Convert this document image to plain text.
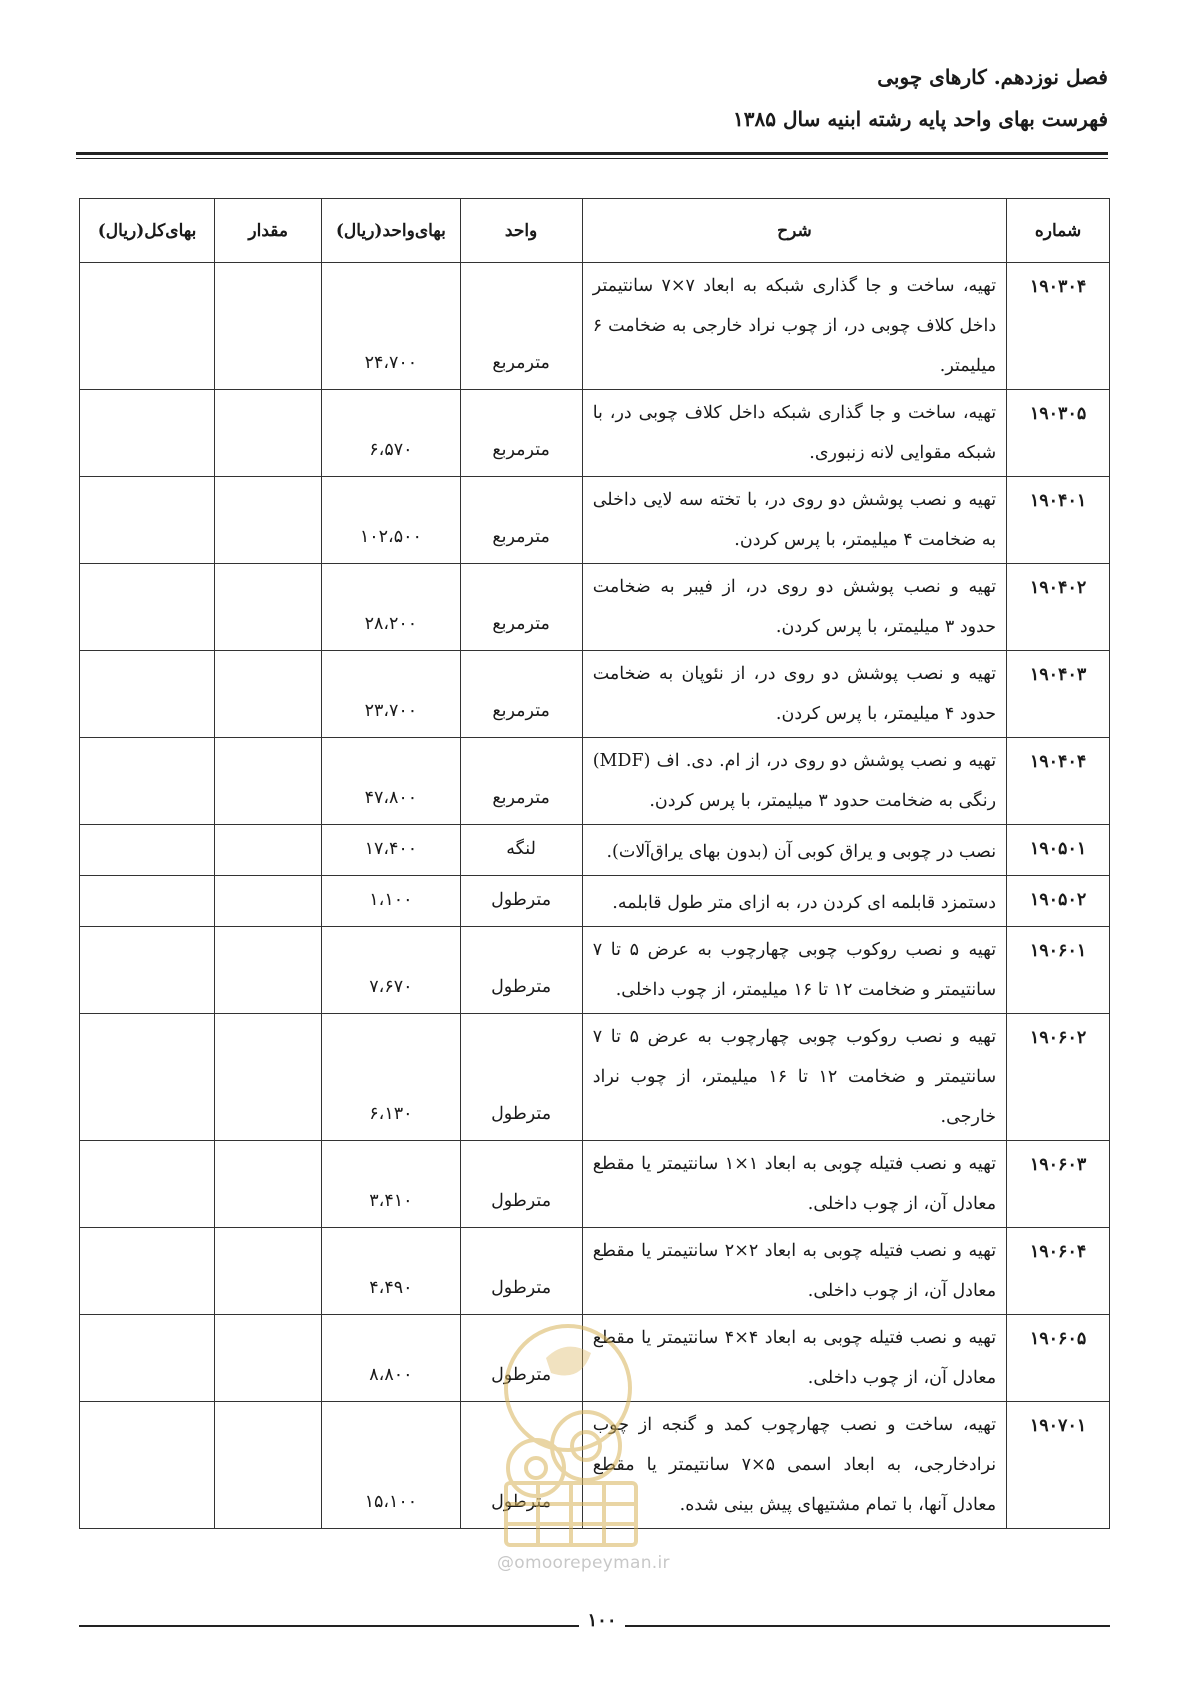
فصل نوزدهم. کارهای چوبی

فهرست بهای واحد پایه رشته ابنیه سال ۱۳۸۵

شماره	شرح	واحد	بهای‌واحد(ریال)	مقدار	بهای‌کل(ریال)
۱۹۰۳۰۴	تهیه، ساخت و جا گذاری شبکه به ابعاد ۷×۷ سانتیمتر داخل کلاف چوبی در، از چوب نراد خارجی به ضخامت ۶ میلیمتر.	مترمربع	۲۴،۷۰۰		
۱۹۰۳۰۵	تهیه، ساخت و جا گذاری شبکه داخل کلاف چوبی در، با شبکه مقوایی لانه زنبوری.	مترمربع	۶،۵۷۰		
۱۹۰۴۰۱	تهیه و نصب پوشش دو روی در، با تخته سه لایی داخلی به ضخامت ۴ میلیمتر، با پرس کردن.	مترمربع	۱۰۲،۵۰۰		
۱۹۰۴۰۲	تهیه و نصب پوشش دو روی در، از فیبر به ضخامت حدود ۳ میلیمتر، با پرس کردن.	مترمربع	۲۸،۲۰۰		
۱۹۰۴۰۳	تهیه و نصب پوشش دو روی در، از نئوپان به ضخامت حدود ۴ میلیمتر، با پرس کردن.	مترمربع	۲۳،۷۰۰		
۱۹۰۴۰۴	تهیه و نصب پوشش دو روی در، از ام. دی. اف (MDF) رنگی به ضخامت حدود ۳ میلیمتر، با پرس کردن.	مترمربع	۴۷،۸۰۰		
۱۹۰۵۰۱	نصب در چوبی و یراق کوبی آن (بدون بهای یراق‌آلات).	لنگه	۱۷،۴۰۰		
۱۹۰۵۰۲	دستمزد قابلمه ای کردن در، به ازای متر طول قابلمه.	مترطول	۱،۱۰۰		
۱۹۰۶۰۱	تهیه و نصب روکوب چوبی چهارچوب به عرض ۵ تا ۷ سانتیمتر و ضخامت ۱۲ تا ۱۶ میلیمتر، از چوب داخلی.	مترطول	۷،۶۷۰		
۱۹۰۶۰۲	تهیه و نصب روکوب چوبی چهارچوب به عرض ۵ تا ۷ سانتیمتر و ضخامت ۱۲ تا ۱۶ میلیمتر، از چوب نراد خارجی.	مترطول	۶،۱۳۰		
۱۹۰۶۰۳	تهیه و نصب فتیله چوبی به ابعاد ۱×۱ سانتیمتر یا مقطع معادل آن، از چوب داخلی.	مترطول	۳،۴۱۰		
۱۹۰۶۰۴	تهیه و نصب فتیله چوبی به ابعاد ۲×۲ سانتیمتر یا مقطع معادل آن، از چوب داخلی.	مترطول	۴،۴۹۰		
۱۹۰۶۰۵	تهیه و نصب فتیله چوبی به ابعاد ۴×۴ سانتیمتر یا مقطع معادل آن، از چوب داخلی.	مترطول	۸،۸۰۰		
۱۹۰۷۰۱	تهیه، ساخت و نصب چهارچوب کمد و گنجه از چوب نرادخارجی، به ابعاد اسمی ۵×۷ سانتیمتر یا مقطع معادل آنها، با تمام مشتیهای پیش بینی شده.	مترطول	۱۵،۱۰۰		
@omoorepeyman.ir
۱۰۰
